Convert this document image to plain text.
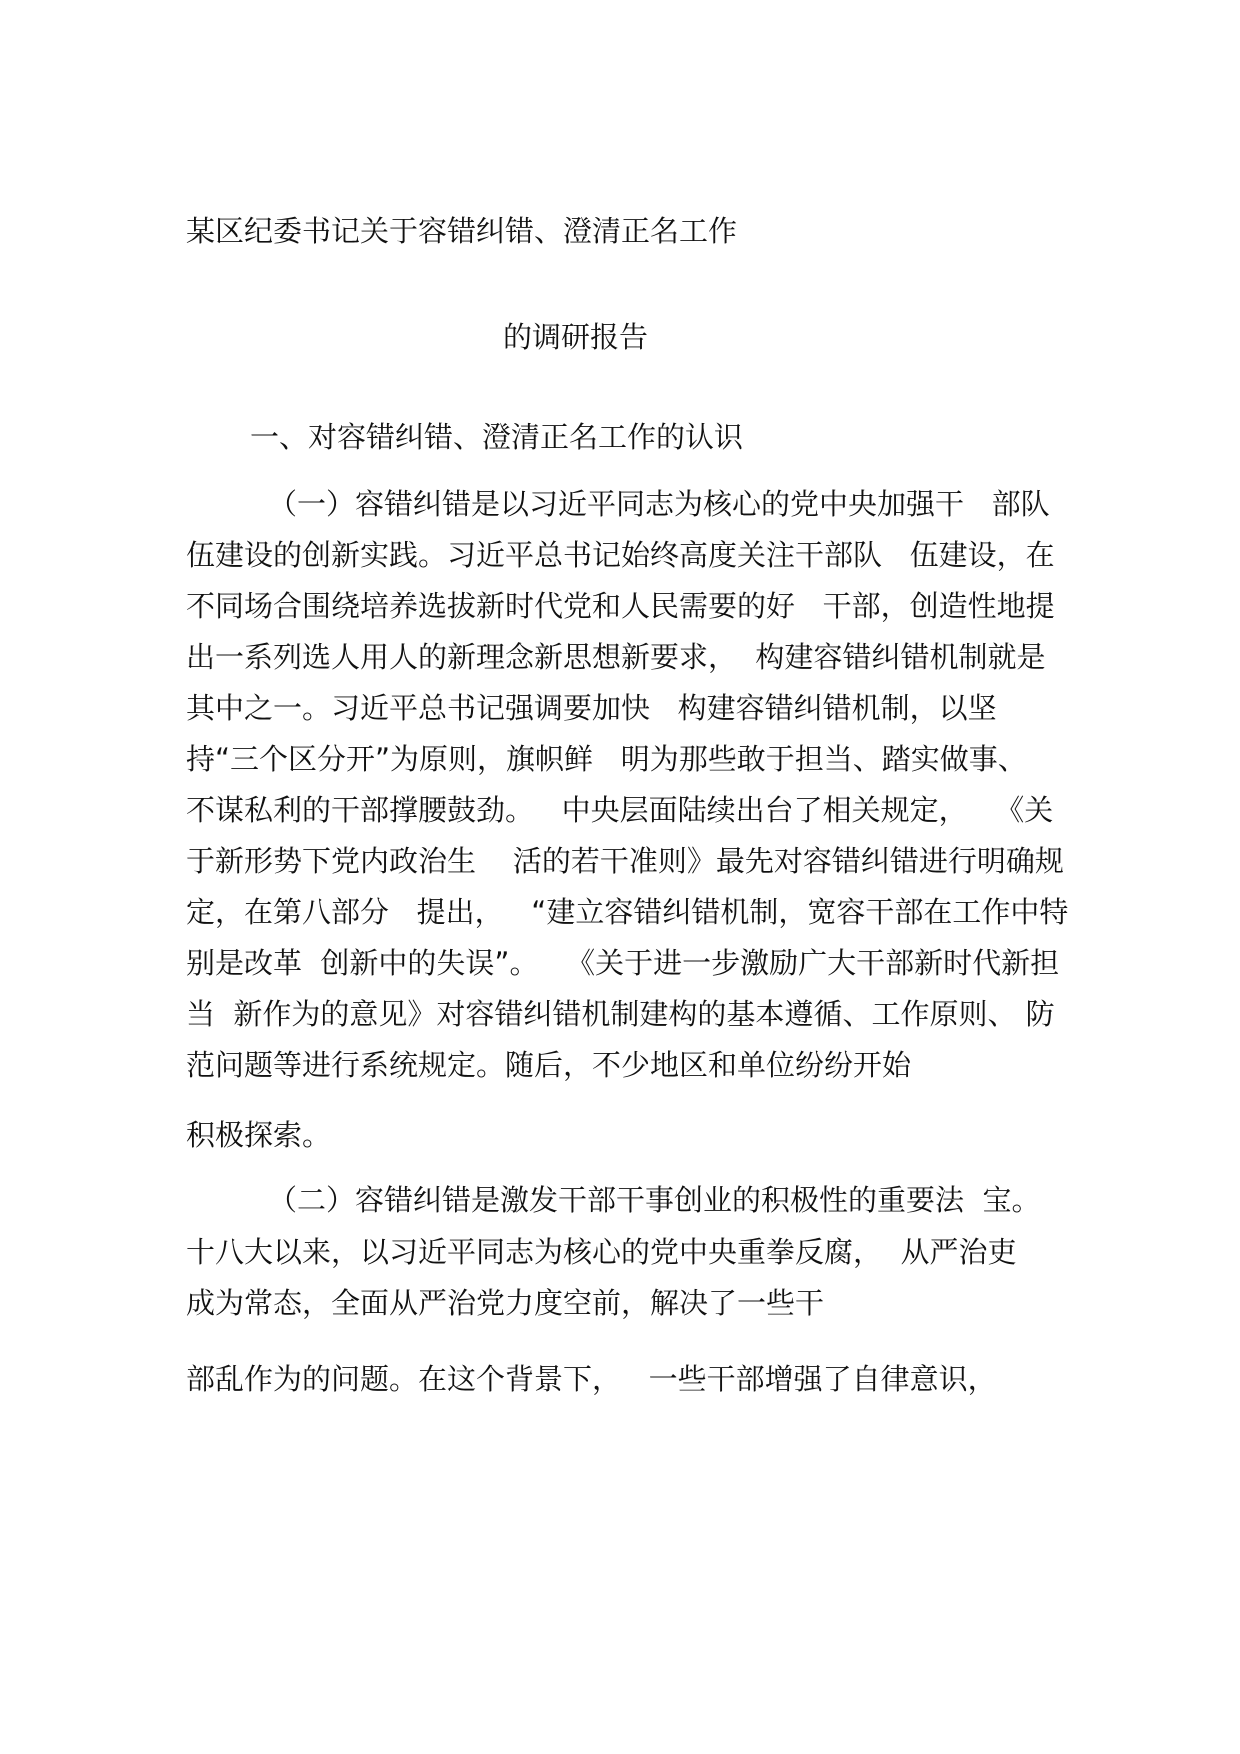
某区纪委书记关于容错纠错、澄清正名工作
的调研报告
一、对容错纠错、澄清正名工作的认识
（一）容错纠错是以习近平同志为核心的党中央加强干   部队
伍建设的创新实践。习近平总书记始终高度关注干部队   伍建设，在
不同场合围绕培养选拔新时代党和人民需要的好   干部，创造性地提
出一系列选人用人的新理念新思想新要求，  构建容错纠错机制就是
其中之一。习近平总书记强调要加快   构建容错纠错机制，以坚
持“三个区分开”为原则，旗帜鲜   明为那些敢于担当、踏实做事、
不谋私利的干部撑腰鼓劲。   中央层面陆续出台了相关规定，   《关
于新形势下党内政治生    活的若干准则》最先对容错纠错进行明确规
定，在第八部分   提出，   “建立容错纠错机制，宽容干部在工作中特
别是改革  创新中的失误”。   《关于进一步激励广大干部新时代新担
当  新作为的意见》对容错纠错机制建构的基本遵循、工作原则、 防
范问题等进行系统规定。随后，不少地区和单位纷纷开始
积极探索。
（二）容错纠错是激发干部干事创业的积极性的重要法  宝。
十八大以来，以习近平同志为核心的党中央重拳反腐，  从严治吏
成为常态，全面从严治党力度空前，解决了一些干
部乱作为的问题。在这个背景下，   一些干部增强了自律意识，
